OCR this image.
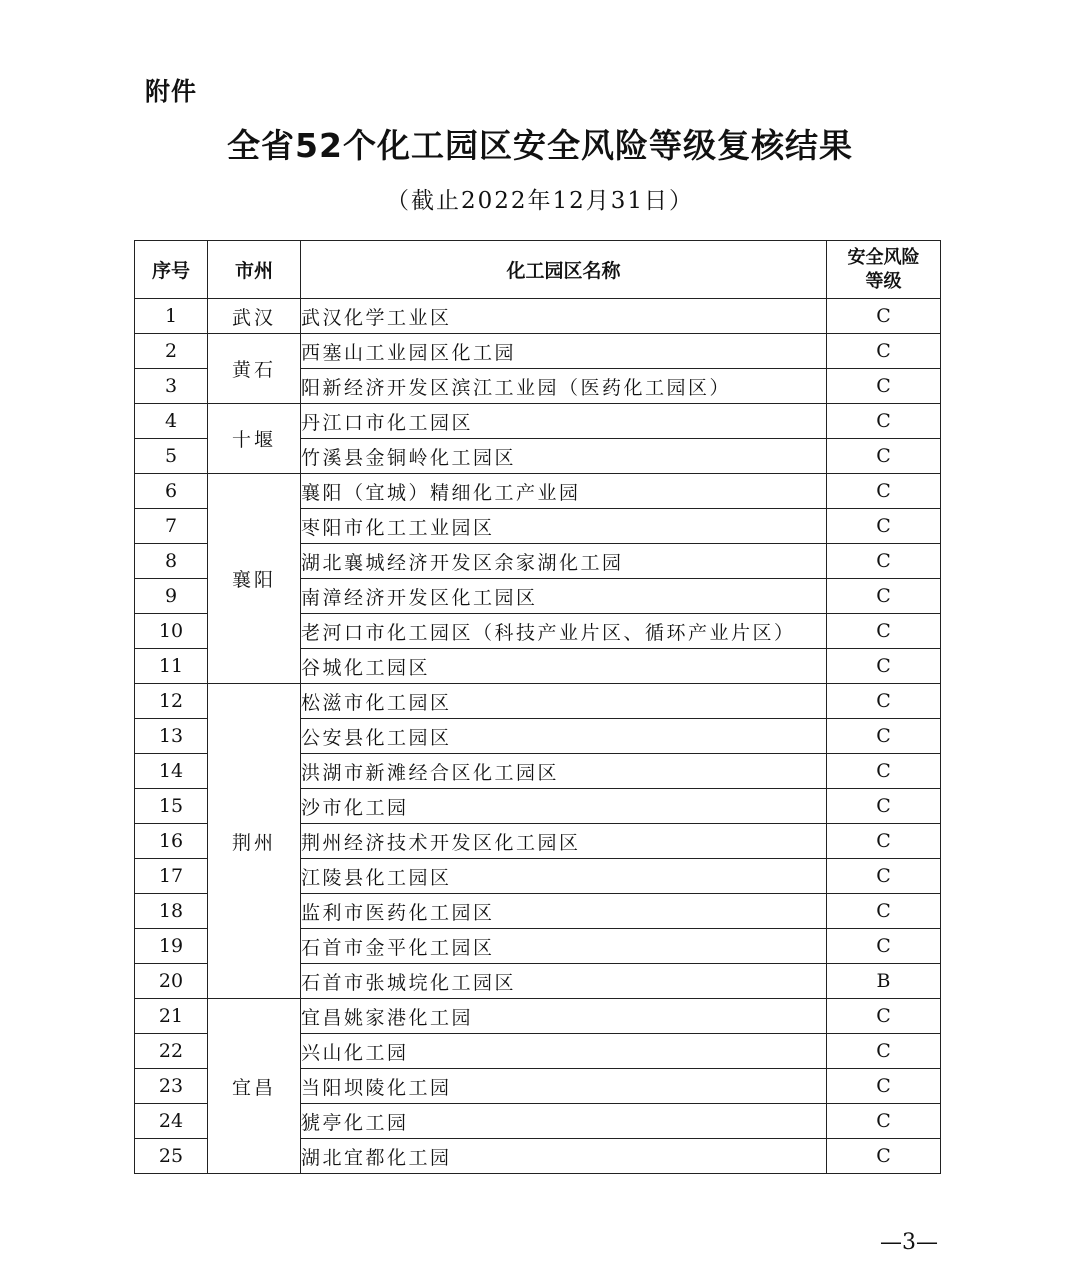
附件
全省52个化工园区安全风险等级复核结果
（截止2022年12月31日）
序号	市州	化工园区名称	安全风险
等级

1	武汉	武汉化学工业区	C
2	黄石	西塞山工业园区化工园	C
3		阳新经济开发区滨江工业园（医药化工园区）	C
4	十堰	丹江口市化工园区	C
5		竹溪县金铜岭化工园区	C
6	襄阳	襄阳（宜城）精细化工产业园	C
7		枣阳市化工工业园区	C
8		湖北襄城经济开发区余家湖化工园	C
9		南漳经济开发区化工园区	C
10		老河口市化工园区（科技产业片区、循环产业片区）	C
11		谷城化工园区	C
12	荆州	松滋市化工园区	C
13		公安县化工园区	C
14		洪湖市新滩经合区化工园区	C
15		沙市化工园	C
16		荆州经济技术开发区化工园区	C
17		江陵县化工园区	C
18		监利市医药化工园区	C
19		石首市金平化工园区	C
20		石首市张城垸化工园区	B
21	宜昌	宜昌姚家港化工园	C
22		兴山化工园	C
23		当阳坝陵化工园	C
24		猇亭化工园	C
25		湖北宜都化工园	C
—3—
